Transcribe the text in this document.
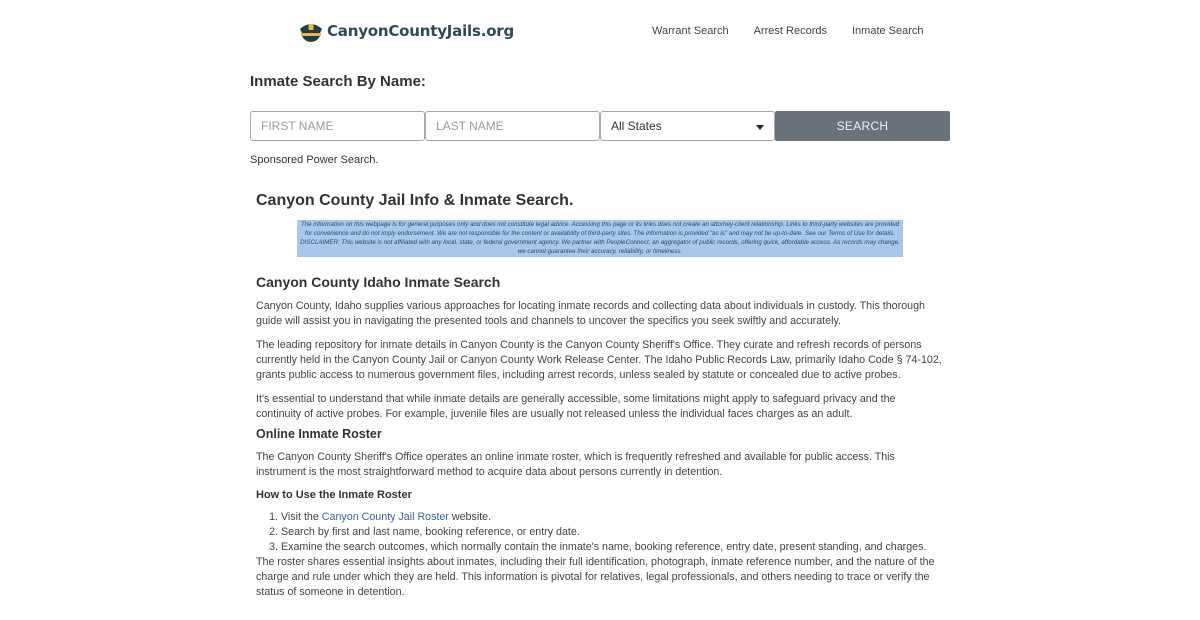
CanyonCountyJails.org	Warrant Search Arrest Records Inmate Search
Inmate Search By Name:
FIRST NAME
LAST NAME
All States	SEARCH
Sponsored Power Search.
Canyon County Jail Info & Inmate Search.
The information on this webpage is for general purposes only and does not constitute legal advice. Accessing this page or its links does not create an attorney-client relationship. Links to third-party websites are provided for convenience and do not imply endorsement. We are not responsible for the content or availability of third-party sites. The information is provided "as is" and may not be up-to-date. See our Terms of Use for details. DISCLAIMER: This website is not affiliated with any local, state, or federal government agency. We partner with PeopleConnect, an aggregator of public records, offering quick, affordable access. As records may change, we cannot guarantee their accuracy, reliability, or timeliness.
Canyon County Idaho Inmate Search

Canyon County, Idaho supplies various approaches for locating inmate records and collecting data about individuals in custody. This thorough guide will assist you in navigating the presented tools and channels to uncover the specifics you seek swiftly and accurately.

The leading repository for inmate details in Canyon County is the Canyon County Sheriff's Office. They curate and refresh records of persons currently held in the Canyon County Jail or Canyon County Work Release Center. The Idaho Public Records Law, primarily Idaho Code § 74-102, grants public access to numerous government files, including arrest records, unless sealed by statute or concealed due to active probes.

It's essential to understand that while inmate details are generally accessible, some limitations might apply to safeguard privacy and the continuity of active probes. For example, juvenile files are usually not released unless the individual faces charges as an adult.

Online Inmate Roster

The Canyon County Sheriff's Office operates an online inmate roster, which is frequently refreshed and available for public access. This instrument is the most straightforward method to acquire data about persons currently in detention.

How to Use the Inmate Roster
1. Visit the Canyon County Jail Roster website.
2. Search by first and last name, booking reference, or entry date.
3. Examine the search outcomes, which normally contain the inmate's name, booking reference, entry date, present standing, and charges.

The roster shares essential insights about inmates, including their full identification, photograph, inmate reference number, and the nature of the charge and rule under which they are held. This information is pivotal for relatives, legal professionals, and others needing to trace or verify the status of someone in detention.
